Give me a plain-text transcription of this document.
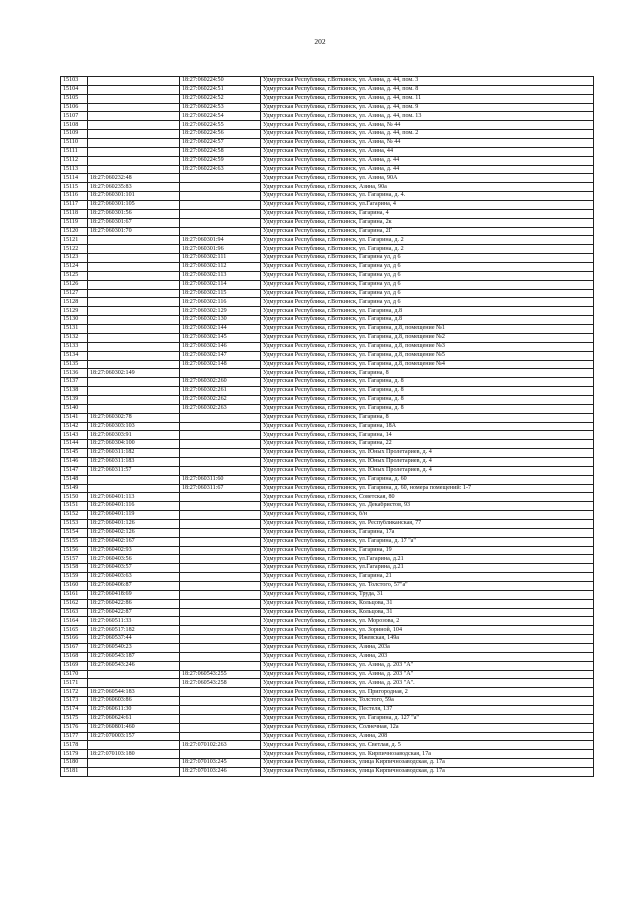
202
15103		18:27:060224:50	Удмуртская Республика, г.Воткинск, ул. Азина, д. 44, пом. 3
15104		18:27:060224:51	Удмуртская Республика, г.Воткинск, ул. Азина, д. 44, пом. 8
15105		18:27:060224:52	Удмуртская Республика, г.Воткинск, ул. Азина, д. 44, пом. 11
15106		18:27:060224:53	Удмуртская Республика, г.Воткинск, ул. Азина, д. 44, пом. 9
15107		18:27:060224:54	Удмуртская Республика, г.Воткинск, ул. Азина, д. 44, пом. 13
15108		18:27:060224:55	Удмуртская Республика, г.Воткинск, ул. Азина, № 44
15109		18:27:060224:56	Удмуртская Республика, г.Воткинск, ул. Азина, д. 44, пом. 2
15110		18:27:060224:57	Удмуртская Республика, г.Воткинск, ул. Азина, № 44
15111		18:27:060224:58	Удмуртская Республика, г.Воткинск, ул. Азина, 44
15112		18:27:060224:59	Удмуртская Республика, г.Воткинск, ул. Азина, д. 44
15113		18:27:060224:63	Удмуртская Республика, г.Воткинск, ул. Азина, д. 44
15114	18:27:060232:48		Удмуртская Республика, г.Воткинск, ул. Азина, 90А
15115	18:27:060235:83		Удмуртская Республика, г.Воткинск, Азина, 90а
15116	18:27:060301:101		Удмуртская Республика, г.Воткинск, ул. Гагарина, д. 4.
15117	18:27:060301:105		Удмуртская Республика, г.Воткинск, ул.Гагарина, 4
15118	18:27:060301:56		Удмуртская Республика, г.Воткинск, Гагарина, 4
15119	18:27:060301:67		Удмуртская Республика, г.Воткинск, Гагарина, 2к
15120	18:27:060301:70		Удмуртская Республика, г.Воткинск, Гагарина, 2Г
15121		18:27:060301:94	Удмуртская Республика, г.Воткинск, ул. Гагарина, д. 2
15122		18:27:060301:96	Удмуртская Республика, г.Воткинск, ул. Гагарина, д. 2
15123		18:27:060302:111	Удмуртская Республика, г.Воткинск, Гагарина ул, д 6
15124		18:27:060302:112	Удмуртская Республика, г.Воткинск, Гагарина ул, д 6
15125		18:27:060302:113	Удмуртская Республика, г.Воткинск, Гагарина ул, д 6
15126		18:27:060302:114	Удмуртская Республика, г.Воткинск, Гагарина ул, д 6
15127		18:27:060302:115	Удмуртская Республика, г.Воткинск, Гагарина ул, д 6
15128		18:27:060302:116	Удмуртская Республика, г.Воткинск, Гагарина ул, д 6
15129		18:27:060302:129	Удмуртская Республика, г.Воткинск, ул. Гагарина, д.8
15130		18:27:060302:130	Удмуртская Республика, г.Воткинск, ул. Гагарина, д.8
15131		18:27:060302:144	Удмуртская Республика, г.Воткинск, ул. Гагарина, д.8, помещение №1
15132		18:27:060302:145	Удмуртская Республика, г.Воткинск, ул. Гагарина, д.8, помещение №2
15133		18:27:060302:146	Удмуртская Республика, г.Воткинск, ул. Гагарина, д.8, помещение №3
15134		18:27:060302:147	Удмуртская Республика, г.Воткинск, ул. Гагарина, д.8, помещение №5
15135		18:27:060302:148	Удмуртская Республика, г.Воткинск, ул. Гагарина, д.8, помещение №4
15136	18:27:060302:149		Удмуртская Республика, г.Воткинск, Гагарина, 8
15137		18:27:060302:260	Удмуртская Республика, г.Воткинск, ул. Гагарина, д. 8
15138		18:27:060302:261	Удмуртская Республика, г.Воткинск, ул. Гагарина, д. 8
15139		18:27:060302:262	Удмуртская Республика, г.Воткинск, ул. Гагарина, д. 8
15140		18:27:060302:263	Удмуртская Республика, г.Воткинск, ул. Гагарина, д. 8
15141	18:27:060302:78		Удмуртская Республика, г.Воткинск, Гагарина, 8
15142	18:27:060303:103		Удмуртская Республика, г.Воткинск, Гагарина, 18А
15143	18:27:060303:91		Удмуртская Республика, г.Воткинск, Гагарина, 14
15144	18:27:060304:100		Удмуртская Республика, г.Воткинск, Гагарина, 22
15145	18:27:060311:182		Удмуртская Республика, г.Воткинск, ул. Юных Пролетариев, д. 4
15146	18:27:060311:183		Удмуртская Республика, г.Воткинск, ул. Юных Пролетариев, д. 4
15147	18:27:060311:57		Удмуртская Республика, г.Воткинск, ул. Юных Пролетариев, д. 4
15148		18:27:060311:60	Удмуртская Республика, г.Воткинск, ул. Гагарина, д. 60
15149		18:27:060311:67	Удмуртская Республика, г.Воткинск, ул. Гагарина, д. 60, номера помещений: 1-7
15150	18:27:060401:113		Удмуртская Республика, г.Воткинск, Советская, 80
15151	18:27:060401:116		Удмуртская Республика, г.Воткинск, ул. Декабристов, 93
15152	18:27:060401:119		Удмуртская Республика, г.Воткинск, б/н
15153	18:27:060401:126		Удмуртская Республика, г.Воткинск, ул. Республиканская, 77
15154	18:27:060402:126		Удмуртская Республика, г.Воткинск, Гагарина, 17а
15155	18:27:060402:167		Удмуртская Республика, г.Воткинск, ул. Гагарина, д. 17 "а"
15156	18:27:060402:93		Удмуртская Республика, г.Воткинск, Гагарина, 19
15157	18:27:060403:56		Удмуртская Республика, г.Воткинск, ул.Гагарина, д.21
15158	18:27:060403:57		Удмуртская Республика, г.Воткинск, ул.Гагарина, д.21
15159	18:27:060403:63		Удмуртская Республика, г.Воткинск, Гагарина, 21
15160	18:27:060406:87		Удмуртская Республика, г.Воткинск, ул. Толстого, 57"а"
15161	18:27:060418:69		Удмуртская Республика, г.Воткинск, Труда, 31
15162	18:27:060422:86		Удмуртская Республика, г.Воткинск, Кольцова, 31
15163	18:27:060422:87		Удмуртская Республика, г.Воткинск, Кольцова, 31
15164	18:27:060511:33		Удмуртская Республика, г.Воткинск, ул. Морозова, 2
15165	18:27:060517:182		Удмуртская Республика, г.Воткинск, ул. Зориной, 104
15166	18:27:060537:44		Удмуртская Республика, г.Воткинск, Ижевская, 149а
15167	18:27:060540:23		Удмуртская Республика, г.Воткинск, Азина, 203а
15168	18:27:060543:187		Удмуртская Республика, г.Воткинск, Азина, 203
15169	18:27:060543:246		Удмуртская Республика, г.Воткинск, ул. Азина, д. 203 "А"
15170		18:27:060543:255	Удмуртская Республика, г.Воткинск, ул. Азина, д. 203 "А"
15171		18:27:060543:258	Удмуртская Республика, г.Воткинск, ул. Азина, д. 203 "А".
15172	18:27:060544:183		Удмуртская Республика, г.Воткинск, ул. Пригородная, 2
15173	18:27:060603:86		Удмуртская Республика, г.Воткинск, Толстого, 59а
15174	18:27:060611:30		Удмуртская Республика, г.Воткинск, Пестеля, 137
15175	18:27:060624:61		Удмуртская Республика, г.Воткинск, ул. Гагарина, д. 127 "а"
15176	18:27:060801:460		Удмуртская Республика, г.Воткинск, Солнечная, 12а
15177	18:27:070003:157		Удмуртская Республика, г.Воткинск, Азина, 208
15178		18:27:070102:263	Удмуртская Республика, г.Воткинск, ул. Светлая, д. 5
15179	18:27:070103:180		Удмуртская Республика, г.Воткинск, ул. Кирпичнозаводская, 17а
15180		18:27:070103:245	Удмуртская Республика, г.Воткинск, улица Кирпичнозаводская, д. 17а
15181		18:27:070103:246	Удмуртская Республика, г.Воткинск, улица Кирпичнозаводская, д. 17а
